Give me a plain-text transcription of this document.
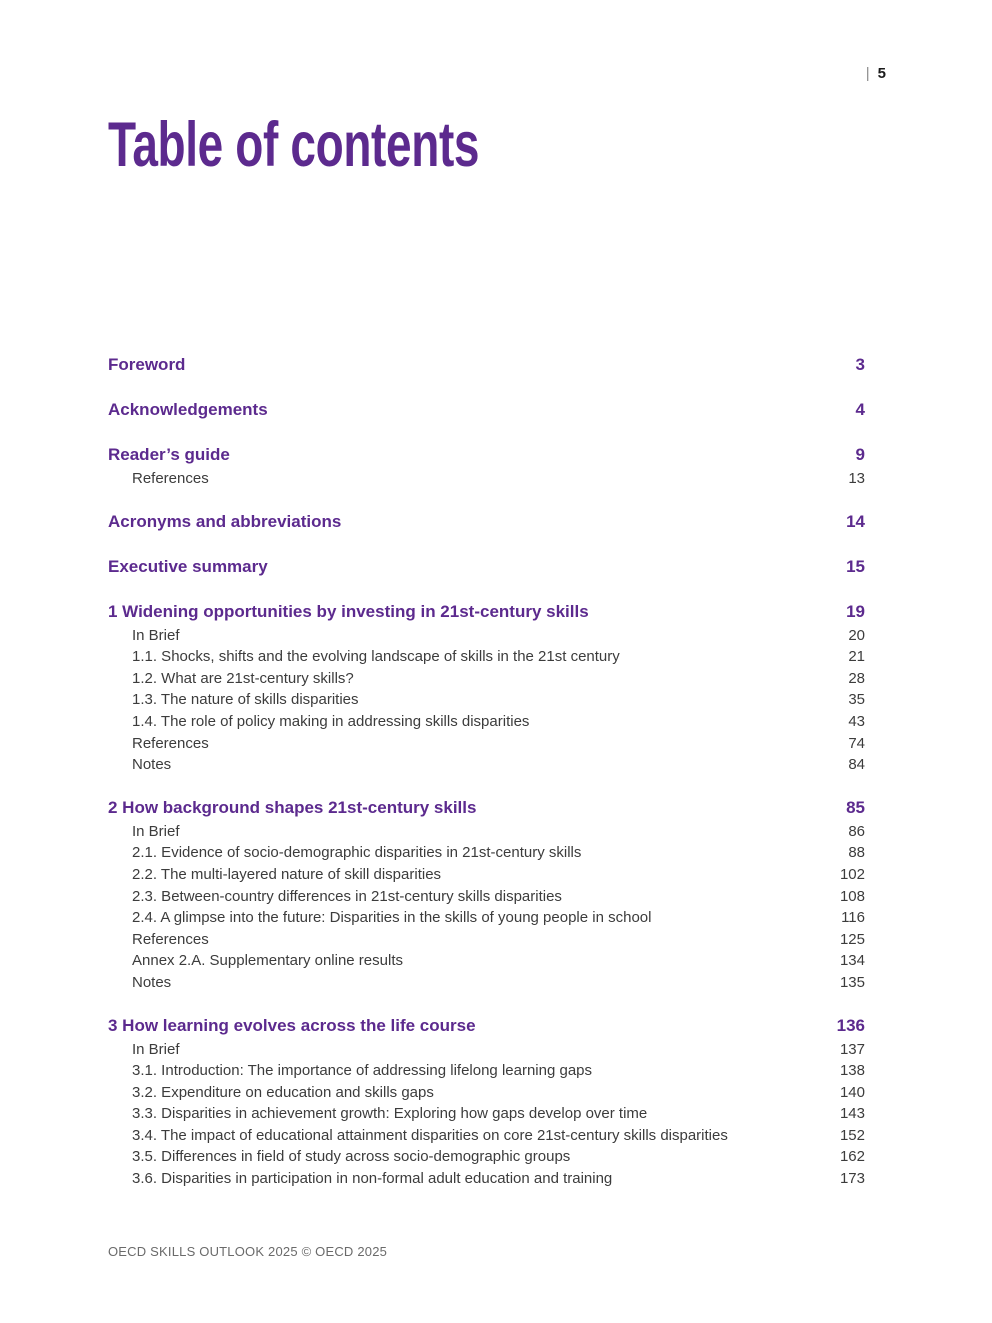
| 5
Table of contents
Foreword	3
Acknowledgements	4
Reader’s guide	9
References	13
Acronyms and abbreviations	14
Executive summary	15
1 Widening opportunities by investing in 21st-century skills	19
In Brief	20
1.1. Shocks, shifts and the evolving landscape of skills in the 21st century	21
1.2. What are 21st-century skills?	28
1.3. The nature of skills disparities	35
1.4. The role of policy making in addressing skills disparities	43
References	74
Notes	84
2 How background shapes 21st-century skills	85
In Brief	86
2.1. Evidence of socio-demographic disparities in 21st-century skills	88
2.2. The multi-layered nature of skill disparities	102
2.3. Between-country differences in 21st-century skills disparities	108
2.4. A glimpse into the future: Disparities in the skills of young people in school	116
References	125
Annex 2.A. Supplementary online results	134
Notes	135
3 How learning evolves across the life course	136
In Brief	137
3.1. Introduction: The importance of addressing lifelong learning gaps	138
3.2. Expenditure on education and skills gaps	140
3.3. Disparities in achievement growth: Exploring how gaps develop over time	143
3.4. The impact of educational attainment disparities on core 21st-century skills disparities	152
3.5. Differences in field of study across socio-demographic groups	162
3.6. Disparities in participation in non-formal adult education and training	173
OECD SKILLS OUTLOOK 2025 © OECD 2025
